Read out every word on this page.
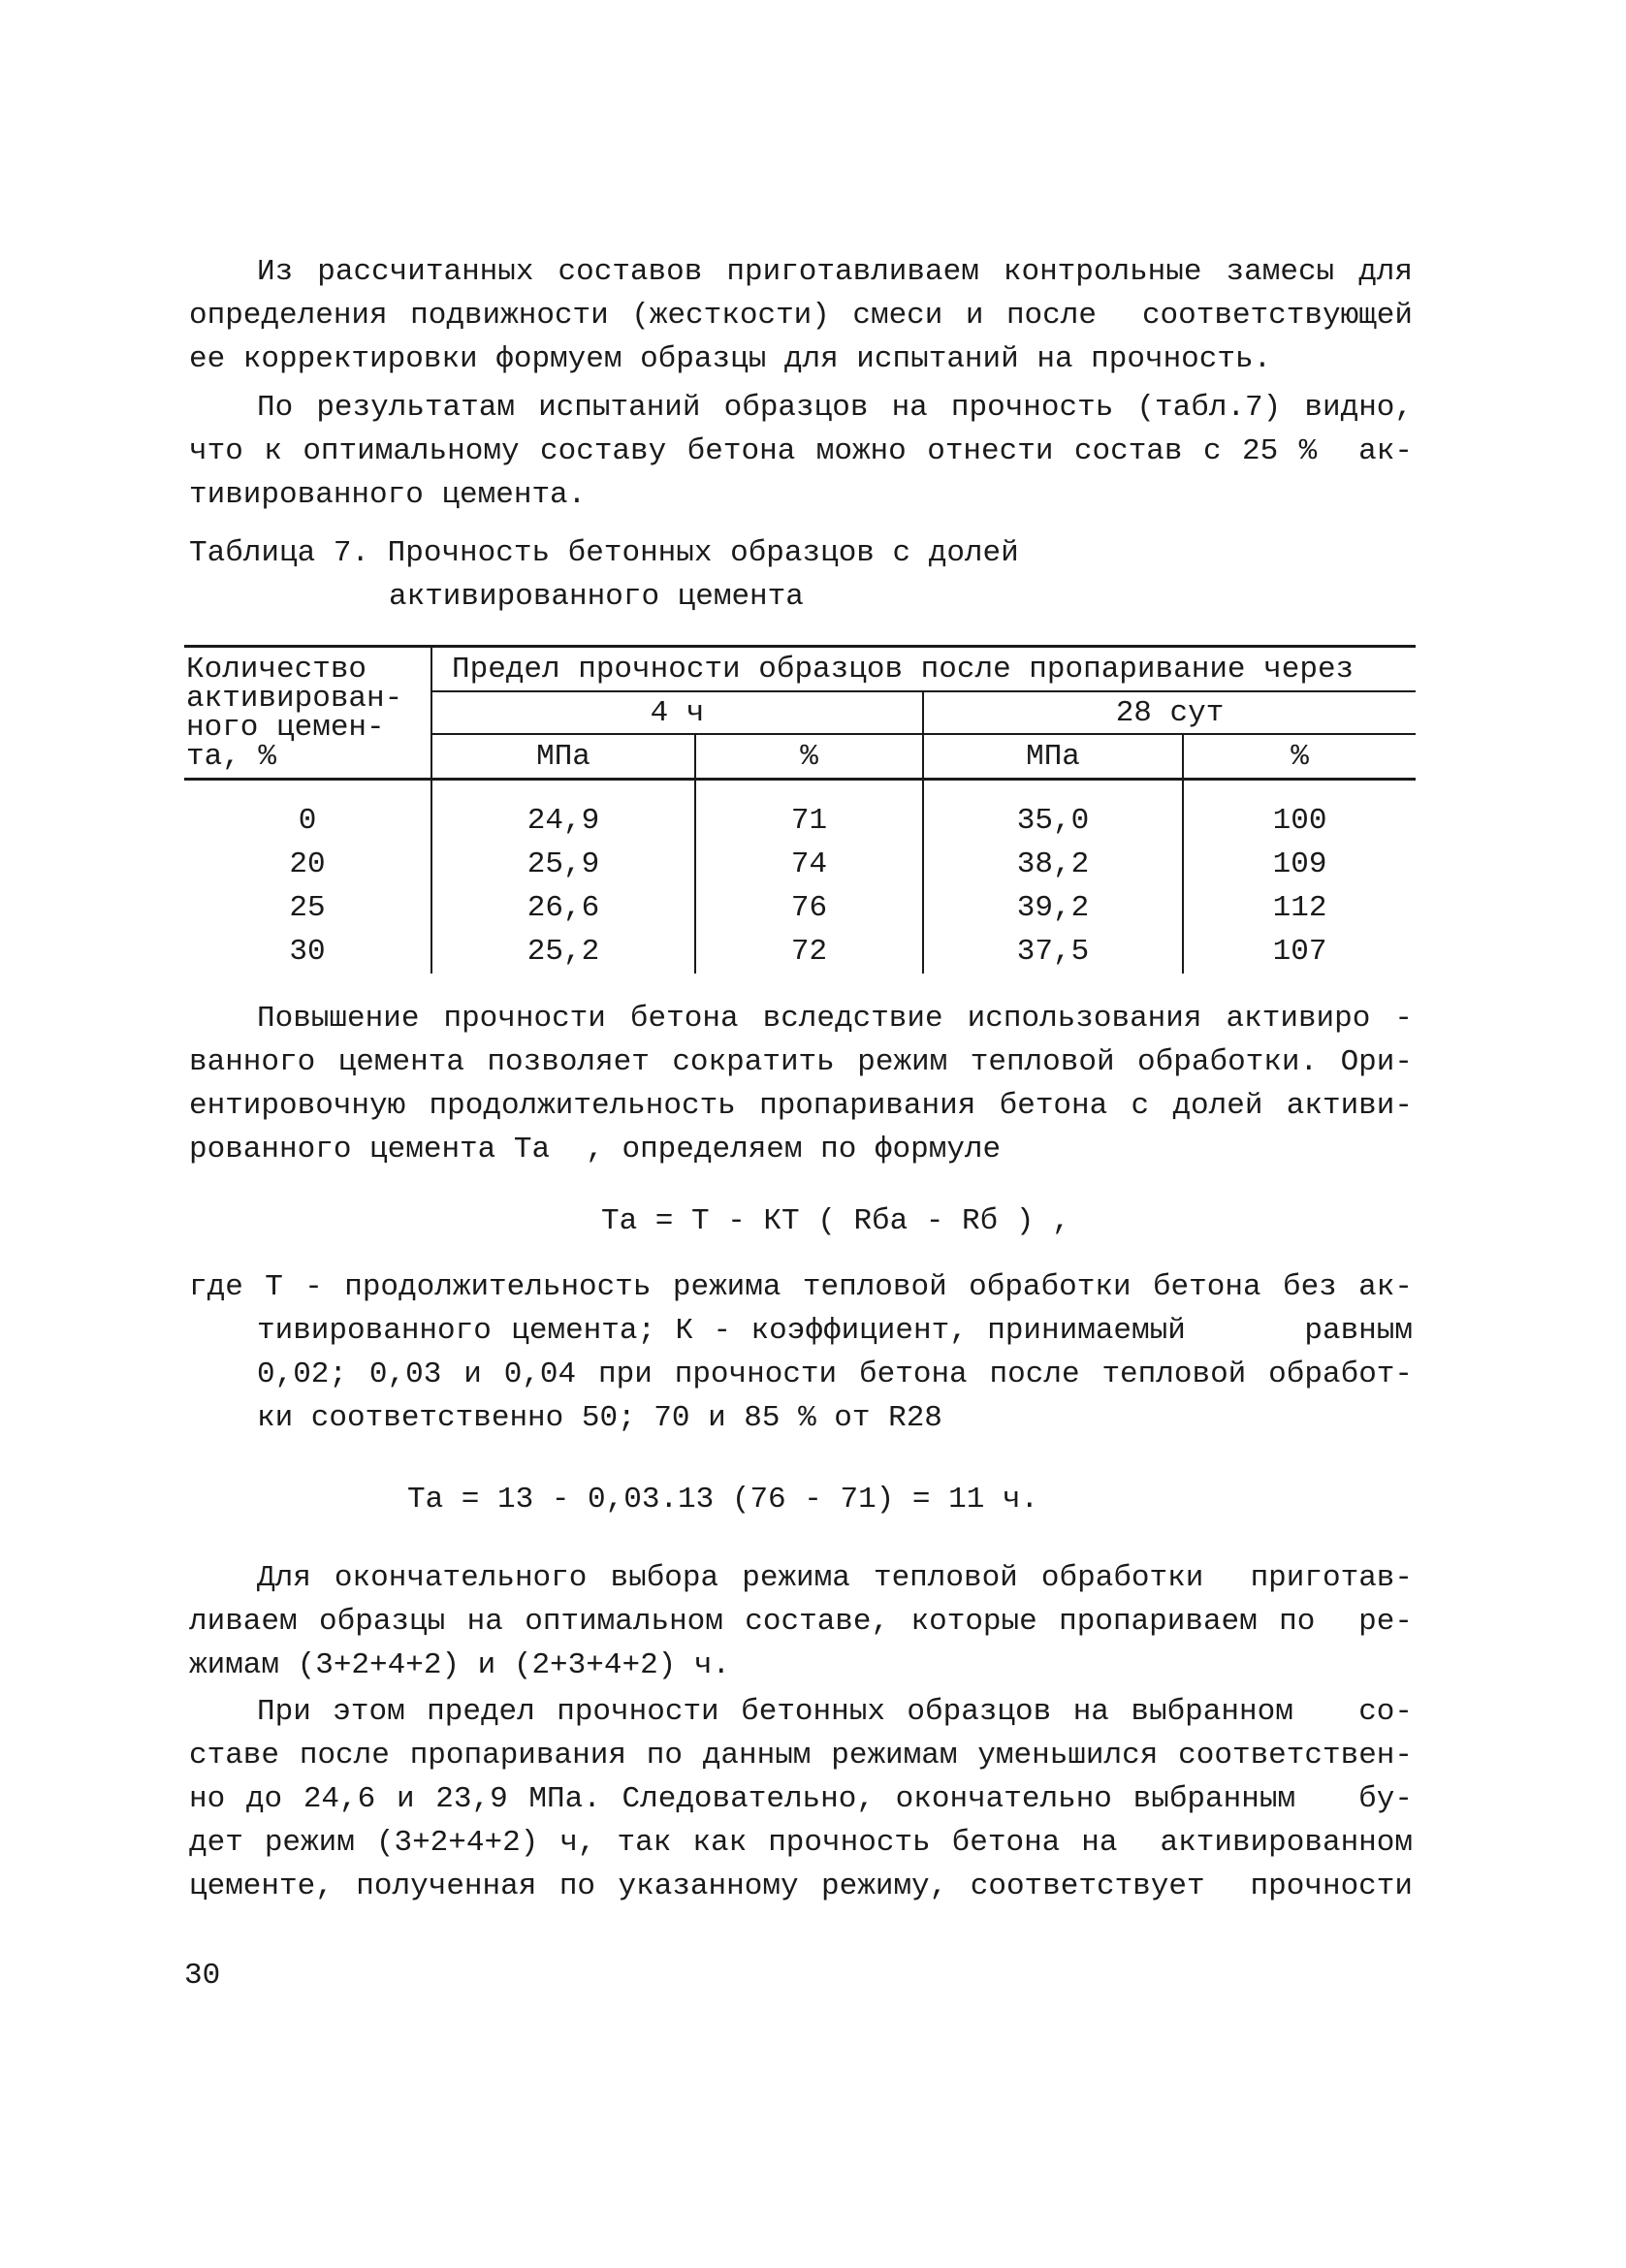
Из рассчитанных составов приготавливаем контрольные замесы для
определения подвижности (жесткости) смеси и после  соответствующей
ее корректировки формуем образцы для испытаний на прочность.
По результатам испытаний образцов на прочность (табл.7) видно,
что к оптимальному составу бетона можно отнести состав с 25 %  ак-
тивированного цемента.
Таблица 7. Прочность бетонных образцов с долей
активированного цемента
Количество
активирован-
ного цемен-
та, %	Предел прочности образцов после пропаривание через			
	4 ч		28 сут	
	МПа	%	МПа	%

0	24,9	71	35,0	100
20	25,9	74	38,2	109
25	26,6	76	39,2	112
30	25,2	72	37,5	107
Повышение прочности бетона вследствие использования активиро -
ванного цемента позволяет сократить режим тепловой обработки. Ори-
ентировочную продолжительность пропаривания бетона с долей активи-
рованного цемента Tа  , определяем по формуле
Tа = Т - КТ ( Rбa - Rб ) ,
где Т - продолжительность режима тепловой обработки бетона без ак-
тивированного цемента; К - коэффициент, принимаемый      равным
0,02; 0,03 и 0,04 при прочности бетона после тепловой обработ-
ки соответственно 50; 70 и 85 % от R28
Tа = 13 - 0,03.13 (76 - 71) = 11 ч.
Для окончательного выбора режима тепловой обработки  приготав-
ливаем образцы на оптимальном составе, которые пропариваем по  ре-
жимам (3+2+4+2) и (2+3+4+2) ч.
При этом предел прочности бетонных образцов на выбранном   со-
ставе после пропаривания по данным режимам уменьшился соответствен-
но до 24,6 и 23,9 МПа. Следовательно, окончательно выбранным   бу-
дет режим (3+2+4+2) ч, так как прочность бетона на  активированном
цементе, полученная по указанному режиму, соответствует  прочности
30
